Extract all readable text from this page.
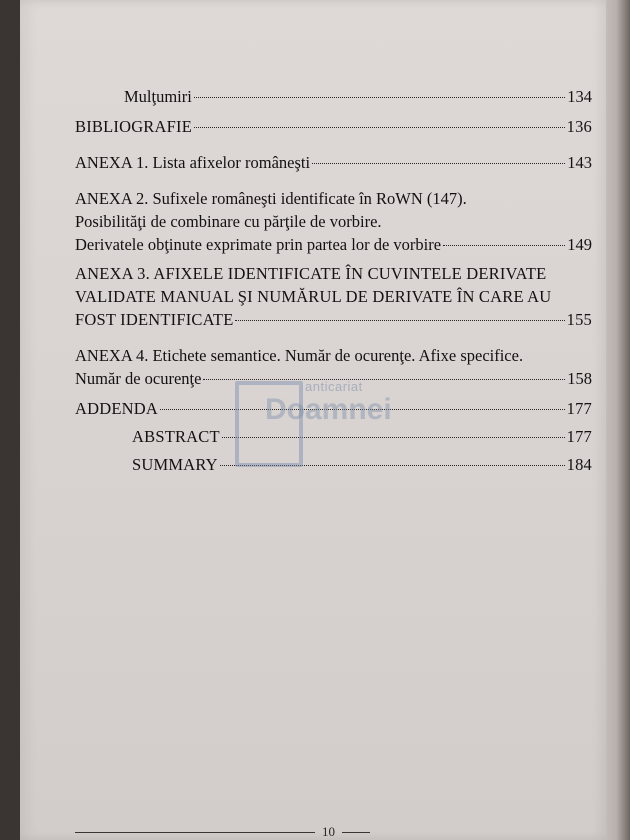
Mulţumiri	134
BIBLIOGRAFIE	136
ANEXA 1. Lista afixelor româneşti	143
ANEXA 2. Sufixele româneşti identificate în RoWN (147).
Posibilităţi de combinare cu părţile de vorbire.
Derivatele obţinute exprimate prin partea lor de vorbire	149
ANEXA 3. AFIXELE IDENTIFICATE ÎN CUVINTELE DERIVATE
VALIDATE MANUAL ŞI NUMĂRUL DE DERIVATE ÎN CARE AU
FOST IDENTIFICATE	155
ANEXA 4. Etichete semantice. Număr de ocurenţe. Afixe specifice.
Număr de ocurenţe	158
ADDENDA	177
ABSTRACT	177
SUMMARY	184
anticariat
Doamnei
10
